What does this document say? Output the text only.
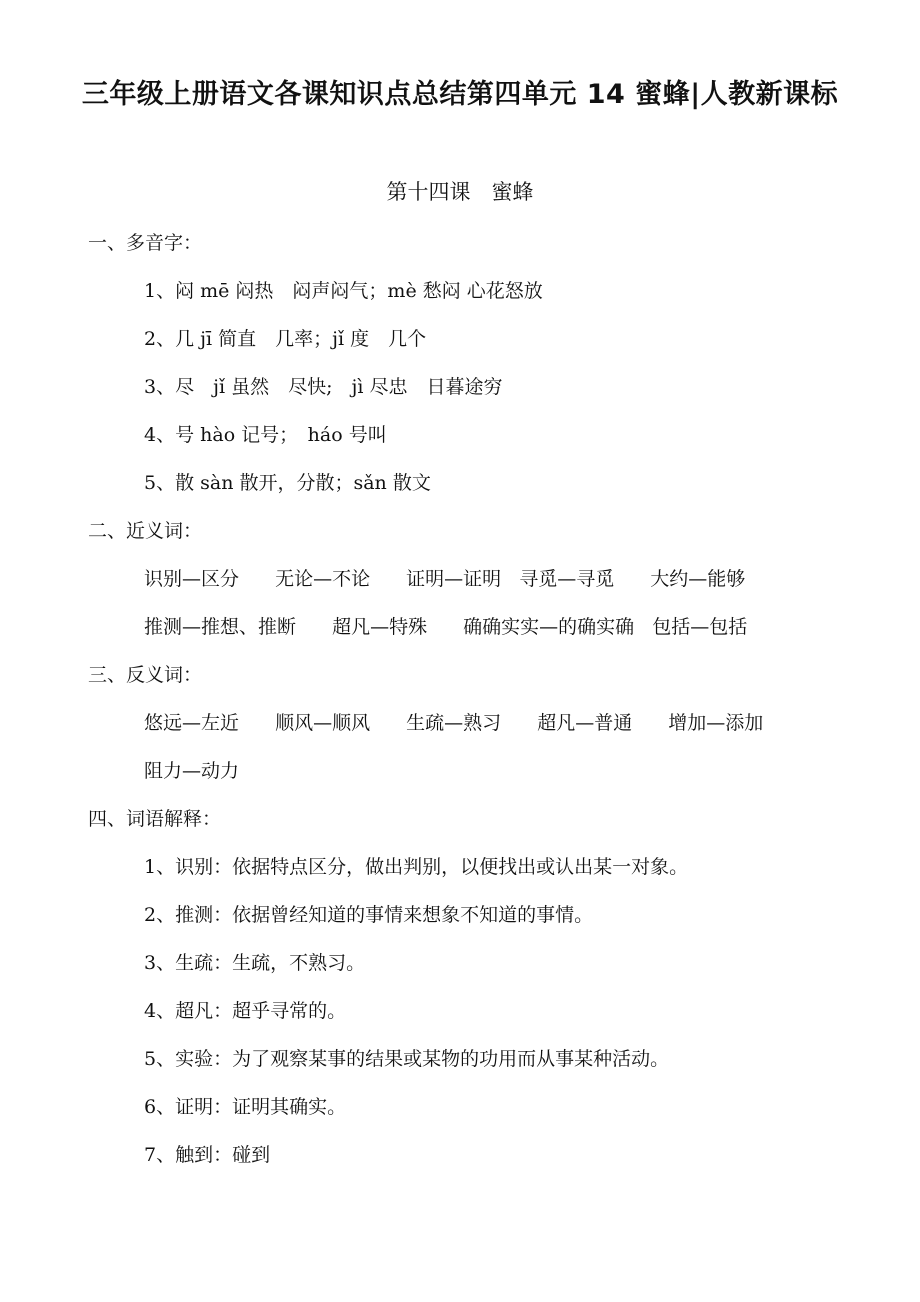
三年级上册语文各课知识点总结第四单元 14 蜜蜂|人教新课标
第十四课　蜜蜂
一、多音字：
1、闷 mē 闷热　闷声闷气；mè 愁闷 心花怒放
2、几 jī 简直　几率；jǐ 度　几个
3、尽　jǐ 虽然　尽快;　jì 尽忠　日暮途穷
4、号 hào 记号；　háo 号叫
5、散 sàn 散开，分散；sǎn 散文
二、近义词：
识别—区分 无论—不论 证明—证明 寻觅—寻觅 大约—能够
推测—推想、推断 超凡—特殊 确确实实—的确实确 包括—包括
三、反义词：
悠远—左近 顺风—顺风 生疏—熟习 超凡—普通 增加—添加
阻力—动力
四、词语解释：
1、识别：依据特点区分，做出判别，以便找出或认出某一对象。
2、推测：依据曾经知道的事情来想象不知道的事情。
3、生疏：生疏，不熟习。
4、超凡：超乎寻常的。
5、实验：为了观察某事的结果或某物的功用而从事某种活动。
6、证明：证明其确实。
7、触到：碰到
